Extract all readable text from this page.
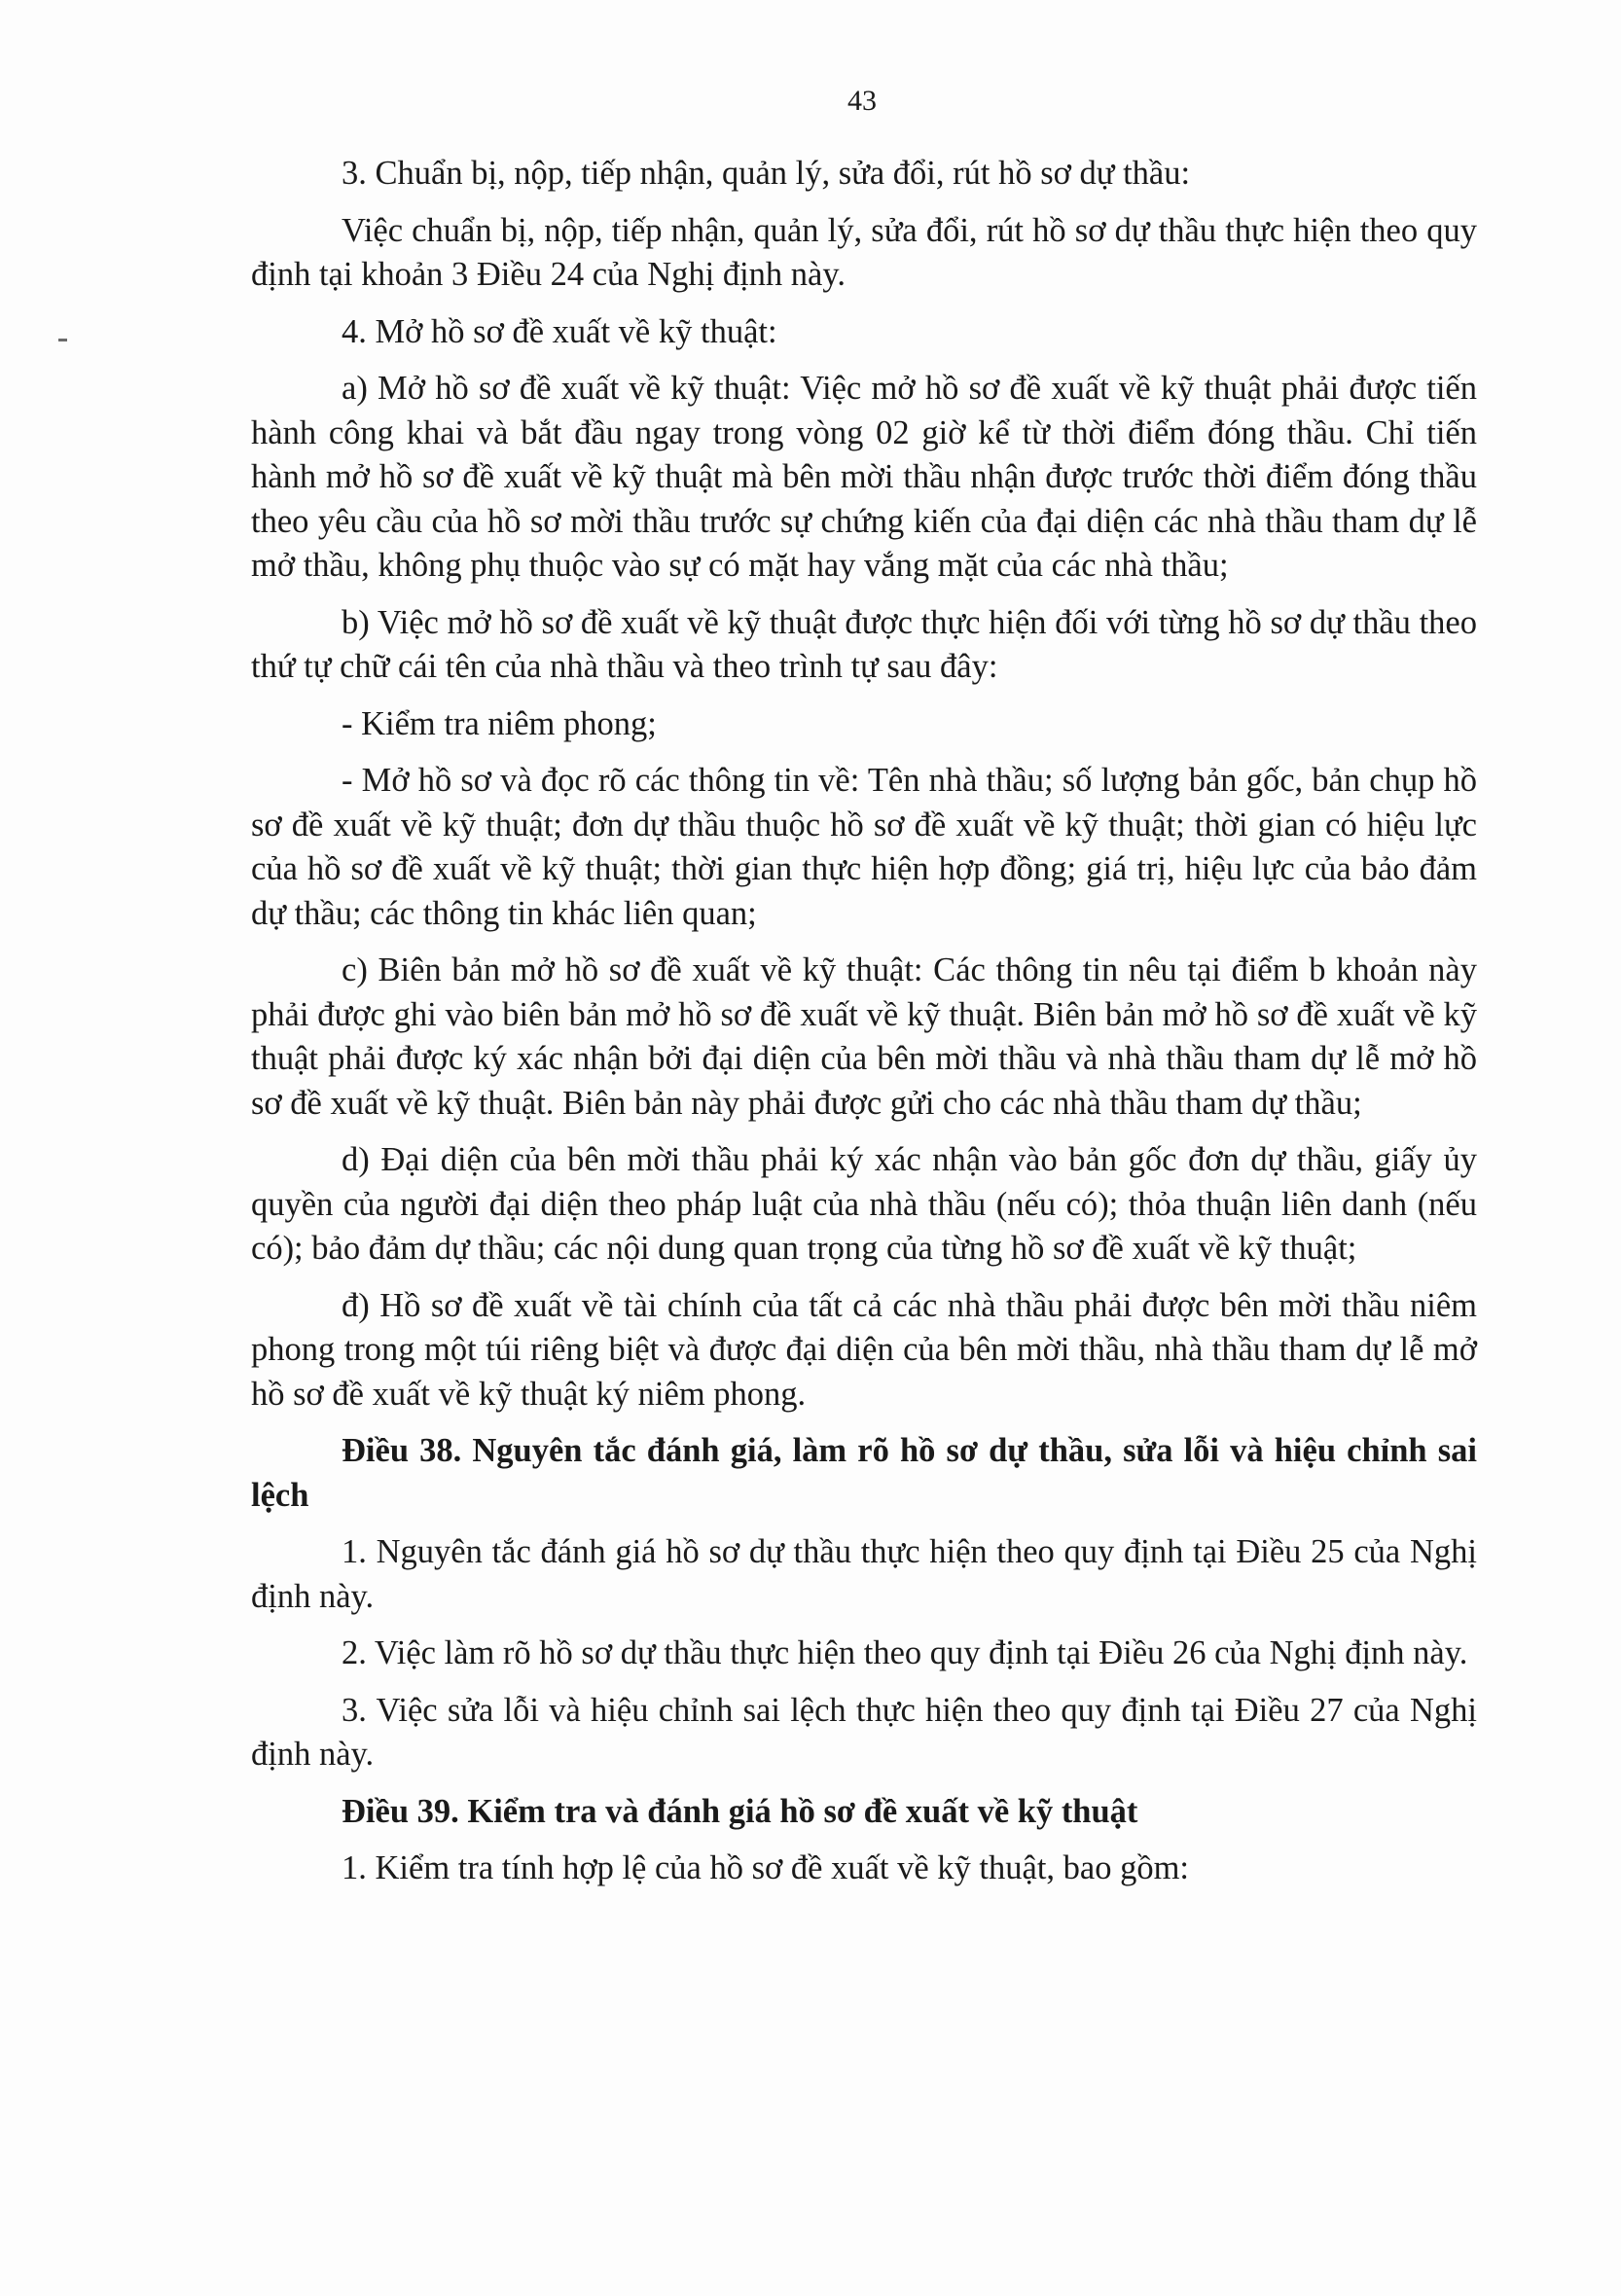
43

3. Chuẩn bị, nộp, tiếp nhận, quản lý, sửa đổi, rút hồ sơ dự thầu:

Việc chuẩn bị, nộp, tiếp nhận, quản lý, sửa đổi, rút hồ sơ dự thầu thực hiện theo quy định tại khoản 3 Điều 24 của Nghị định này.

4. Mở hồ sơ đề xuất về kỹ thuật:

a) Mở hồ sơ đề xuất về kỹ thuật: Việc mở hồ sơ đề xuất về kỹ thuật phải được tiến hành công khai và bắt đầu ngay trong vòng 02 giờ kể từ thời điểm đóng thầu. Chỉ tiến hành mở hồ sơ đề xuất về kỹ thuật mà bên mời thầu nhận được trước thời điểm đóng thầu theo yêu cầu của hồ sơ mời thầu trước sự chứng kiến của đại diện các nhà thầu tham dự lễ mở thầu, không phụ thuộc vào sự có mặt hay vắng mặt của các nhà thầu;

b) Việc mở hồ sơ đề xuất về kỹ thuật được thực hiện đối với từng hồ sơ dự thầu theo thứ tự chữ cái tên của nhà thầu và theo trình tự sau đây:

- Kiểm tra niêm phong;

- Mở hồ sơ và đọc rõ các thông tin về: Tên nhà thầu; số lượng bản gốc, bản chụp hồ sơ đề xuất về kỹ thuật; đơn dự thầu thuộc hồ sơ đề xuất về kỹ thuật; thời gian có hiệu lực của hồ sơ đề xuất về kỹ thuật; thời gian thực hiện hợp đồng; giá trị, hiệu lực của bảo đảm dự thầu; các thông tin khác liên quan;

c) Biên bản mở hồ sơ đề xuất về kỹ thuật: Các thông tin nêu tại điểm b khoản này phải được ghi vào biên bản mở hồ sơ đề xuất về kỹ thuật. Biên bản mở hồ sơ đề xuất về kỹ thuật phải được ký xác nhận bởi đại diện của bên mời thầu và nhà thầu tham dự lễ mở hồ sơ đề xuất về kỹ thuật. Biên bản này phải được gửi cho các nhà thầu tham dự thầu;

d) Đại diện của bên mời thầu phải ký xác nhận vào bản gốc đơn dự thầu, giấy ủy quyền của người đại diện theo pháp luật của nhà thầu (nếu có); thỏa thuận liên danh (nếu có); bảo đảm dự thầu; các nội dung quan trọng của từng hồ sơ đề xuất về kỹ thuật;

đ) Hồ sơ đề xuất về tài chính của tất cả các nhà thầu phải được bên mời thầu niêm phong trong một túi riêng biệt và được đại diện của bên mời thầu, nhà thầu tham dự lễ mở hồ sơ đề xuất về kỹ thuật ký niêm phong.

Điều 38. Nguyên tắc đánh giá, làm rõ hồ sơ dự thầu, sửa lỗi và hiệu chỉnh sai lệch

1. Nguyên tắc đánh giá hồ sơ dự thầu thực hiện theo quy định tại Điều 25 của Nghị định này.

2. Việc làm rõ hồ sơ dự thầu thực hiện theo quy định tại Điều 26 của Nghị định này.

3. Việc sửa lỗi và hiệu chỉnh sai lệch thực hiện theo quy định tại Điều 27 của Nghị định này.

Điều 39. Kiểm tra và đánh giá hồ sơ đề xuất về kỹ thuật

1. Kiểm tra tính hợp lệ của hồ sơ đề xuất về kỹ thuật, bao gồm:
